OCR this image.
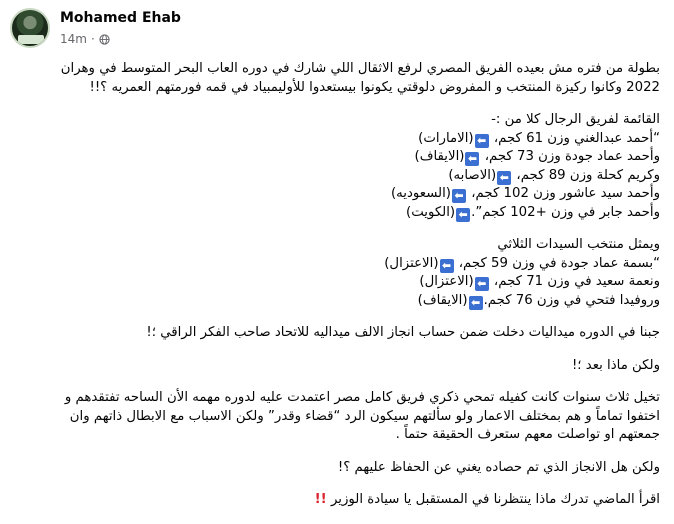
Mohamed Ehab
14m ·

بطولة من فتره مش بعيده الفريق المصري لرفع الاثقال اللي شارك في دوره العاب البحر المتوسط في وهران
2022 وكانوا ركيزة المنتخب و المفروض دلوقتي يكونوا بيستعدوا للأوليمبياد في قمه فورمتهم العمريه ؟!!

القائمة لفريق الرجال كلا من :-
“أحمد عبدالغني وزن 61 كجم، ⬅(الامارات)
وأحمد عماد جودة وزن 73 كجم، ⬅(الايقاف)
وكريم كحلة وزن 89 كجم، ⬅(الاصابه)
وأحمد سيد عاشور وزن 102 كجم، ⬅(السعوديه)
وأحمد جابر في وزن +102 كجم”.⬅(الكويت)

ويمثل منتخب السيدات الثلاثي
“بسمة عماد جودة في وزن 59 كجم، ⬅(الاعتزال)
ونعمة سعيد في وزن 71 كجم، ⬅(الاعتزال)
وروفيدا فتحي في وزن 76 كجم.⬅(الايقاف)

جبنا في الدوره ميداليات دخلت ضمن حساب انجاز الالف ميداليه للاتحاد صاحب الفكر الراقي ؛!

ولكن ماذا بعد ؛!

تخيل ثلاث سنوات كانت كفيله تمحي ذكري فريق كامل مصر اعتمدت عليه لدوره مهمه الأن الساحه تفتقدهم و
اختفوا تماماً و هم بمختلف الاعمار ولو سألتهم سيكون الرد “قضاء وقدر” ولكن الاسباب مع الابطال ذاتهم وان
جمعتهم او تواصلت معهم ستعرف الحقيقة حتماً .

ولكن هل الانجاز الذي تم حصاده يغني عن الحفاظ عليهم ؟!

اقرأ الماضي تدرك ماذا ينتظرنا في المستقبل يا سيادة الوزير !!
